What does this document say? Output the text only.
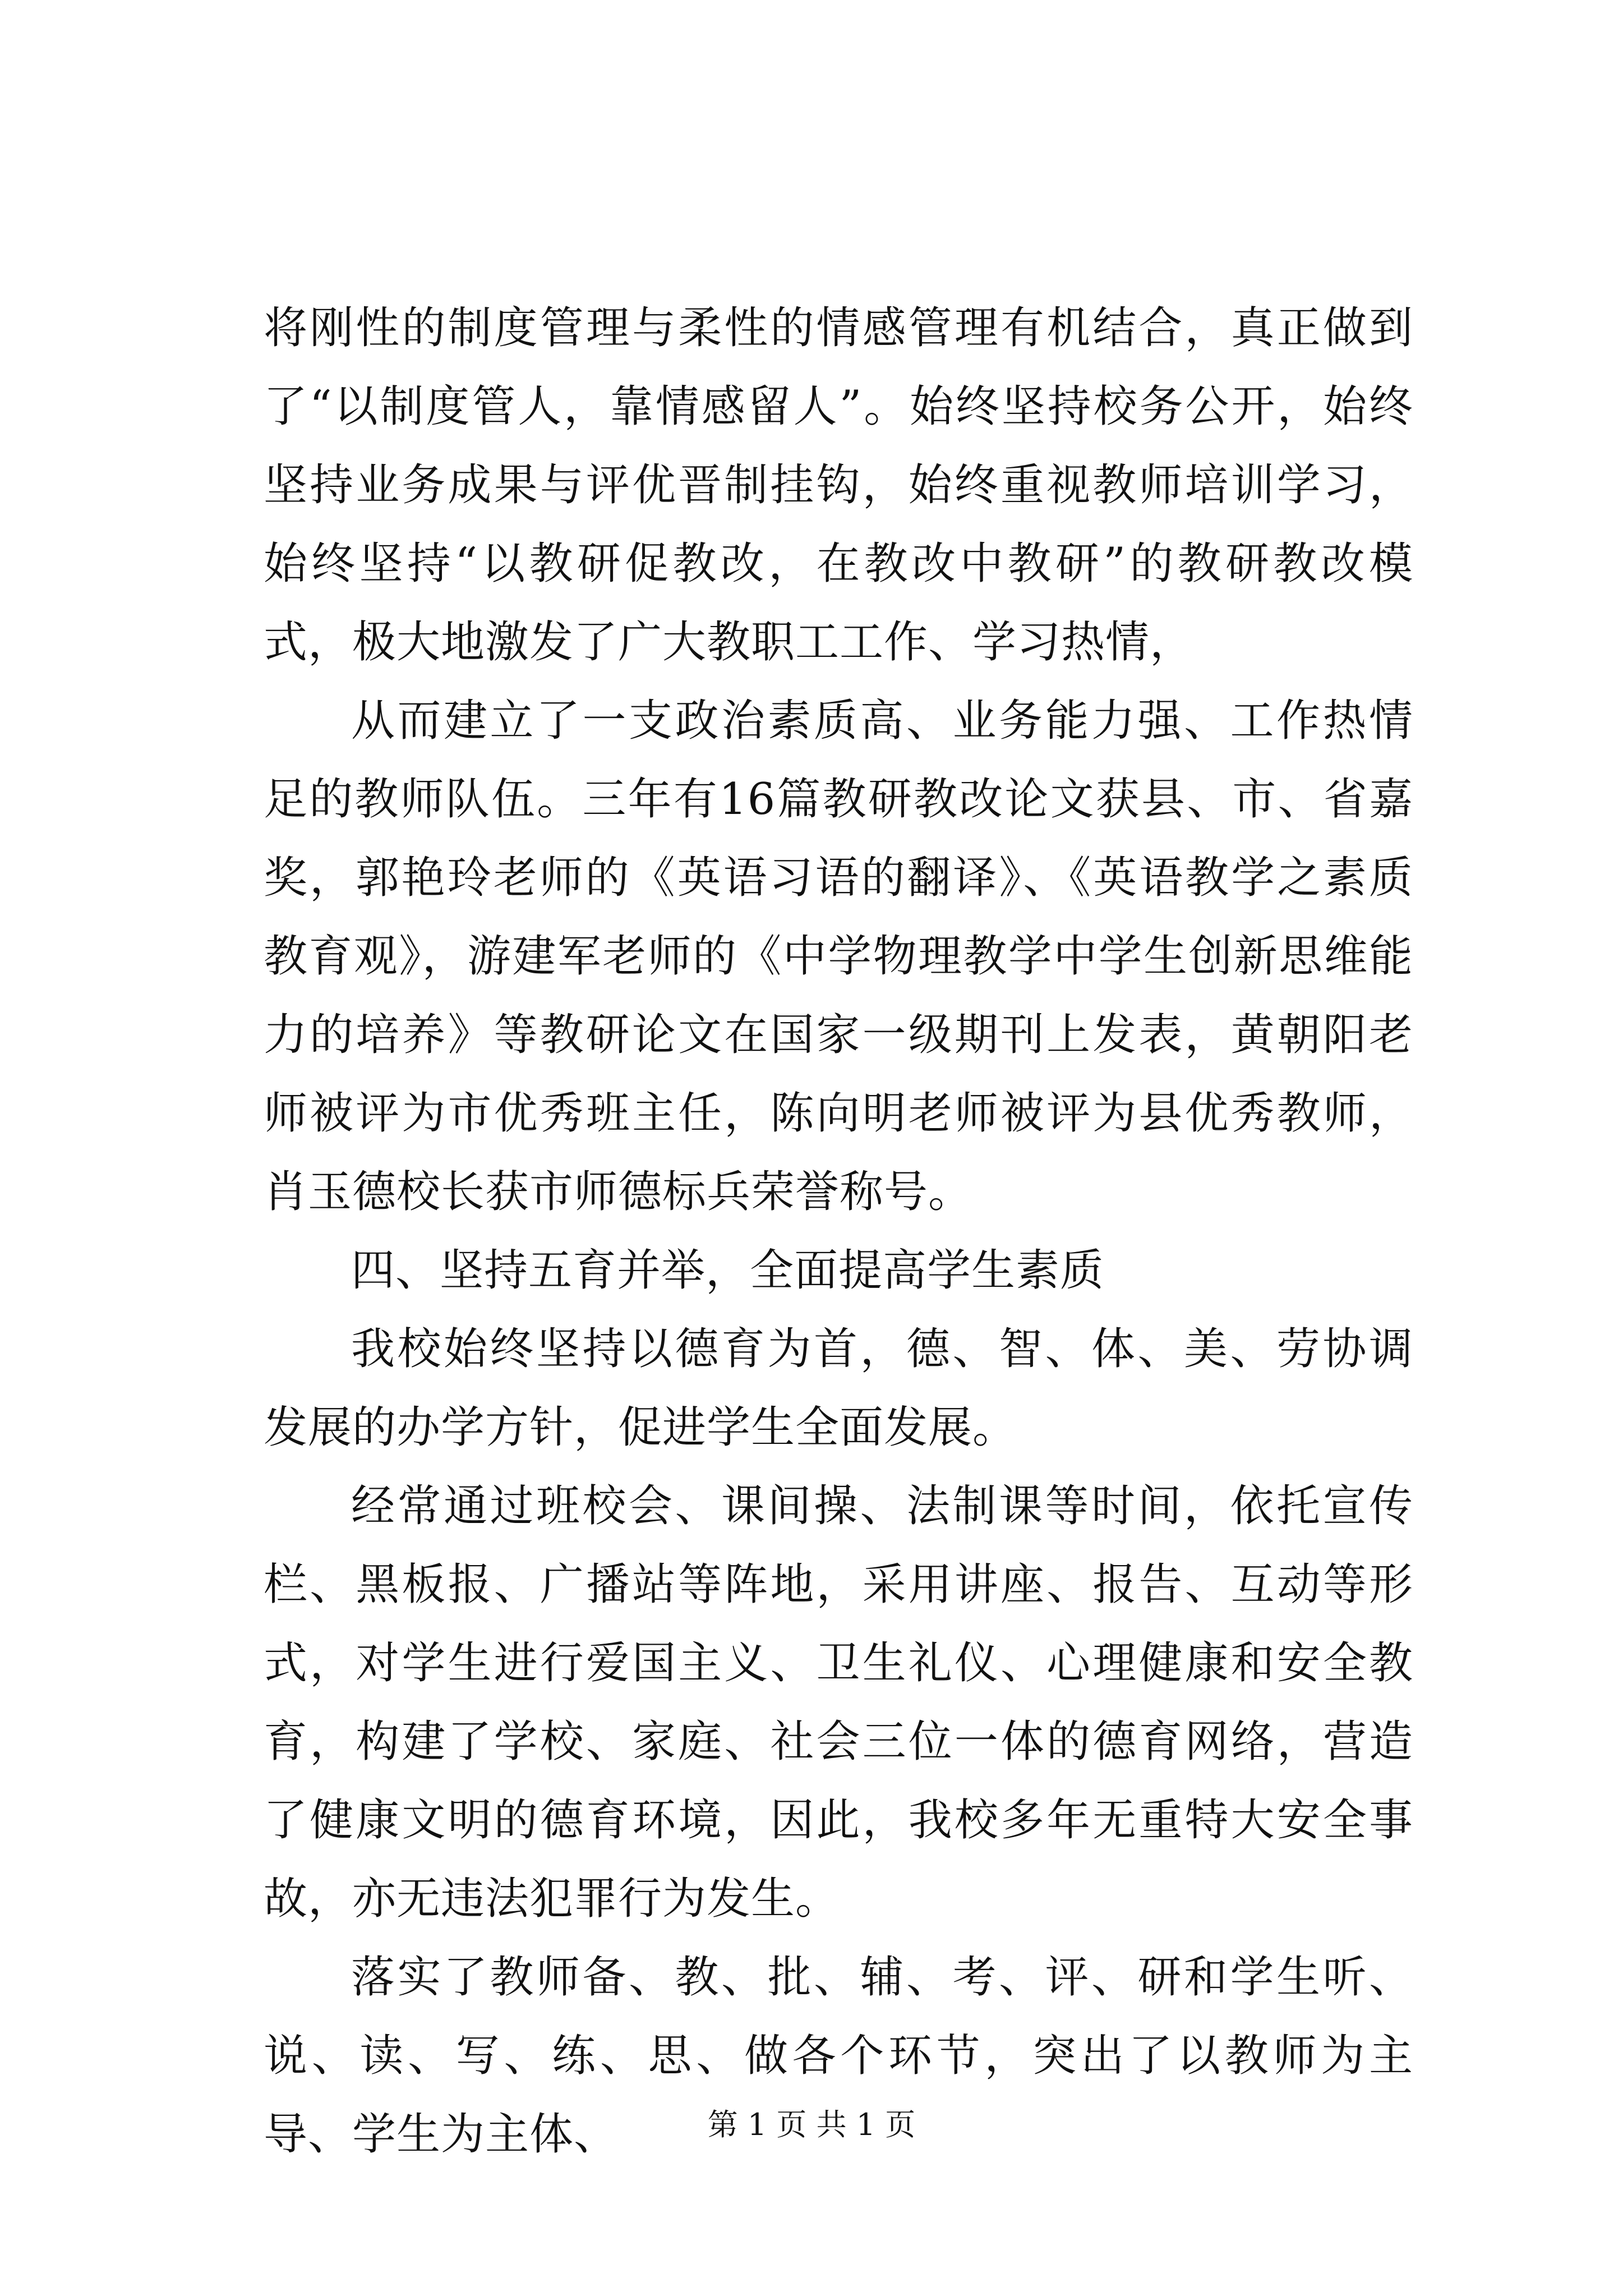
将刚性的制度管理与柔性的情感管理有机结合，真正做到了“以制度管人，靠情感留人”。始终坚持校务公开，始终坚持业务成果与评优晋制挂钩，始终重视教师培训学习，始终坚持“以教研促教改，在教改中教研”的教研教改模式，极大地激发了广大教职工工作、学习热情，

从而建立了一支政治素质高、业务能力强、工作热情足的教师队伍。三年有16篇教研教改论文获县、市、省嘉奖，郭艳玲老师的《英语习语的翻译》、《英语教学之素质教育观》，游建军老师的《中学物理教学中学生创新思维能力的培养》等教研论文在国家一级期刊上发表，黄朝阳老师被评为市优秀班主任，陈向明老师被评为县优秀教师，肖玉德校长获市师德标兵荣誉称号。

四、坚持五育并举，全面提高学生素质

我校始终坚持以德育为首，德、智、体、美、劳协调发展的办学方针，促进学生全面发展。

经常通过班校会、课间操、法制课等时间，依托宣传栏、黑板报、广播站等阵地，采用讲座、报告、互动等形式，对学生进行爱国主义、卫生礼仪、心理健康和安全教育，构建了学校、家庭、社会三位一体的德育网络，营造了健康文明的德育环境，因此，我校多年无重特大安全事故，亦无违法犯罪行为发生。

落实了教师备、教、批、辅、考、评、研和学生听、说、读、写、练、思、做各个环节，突出了以教师为主导、学生为主体、	第 1 页 共 1 页
